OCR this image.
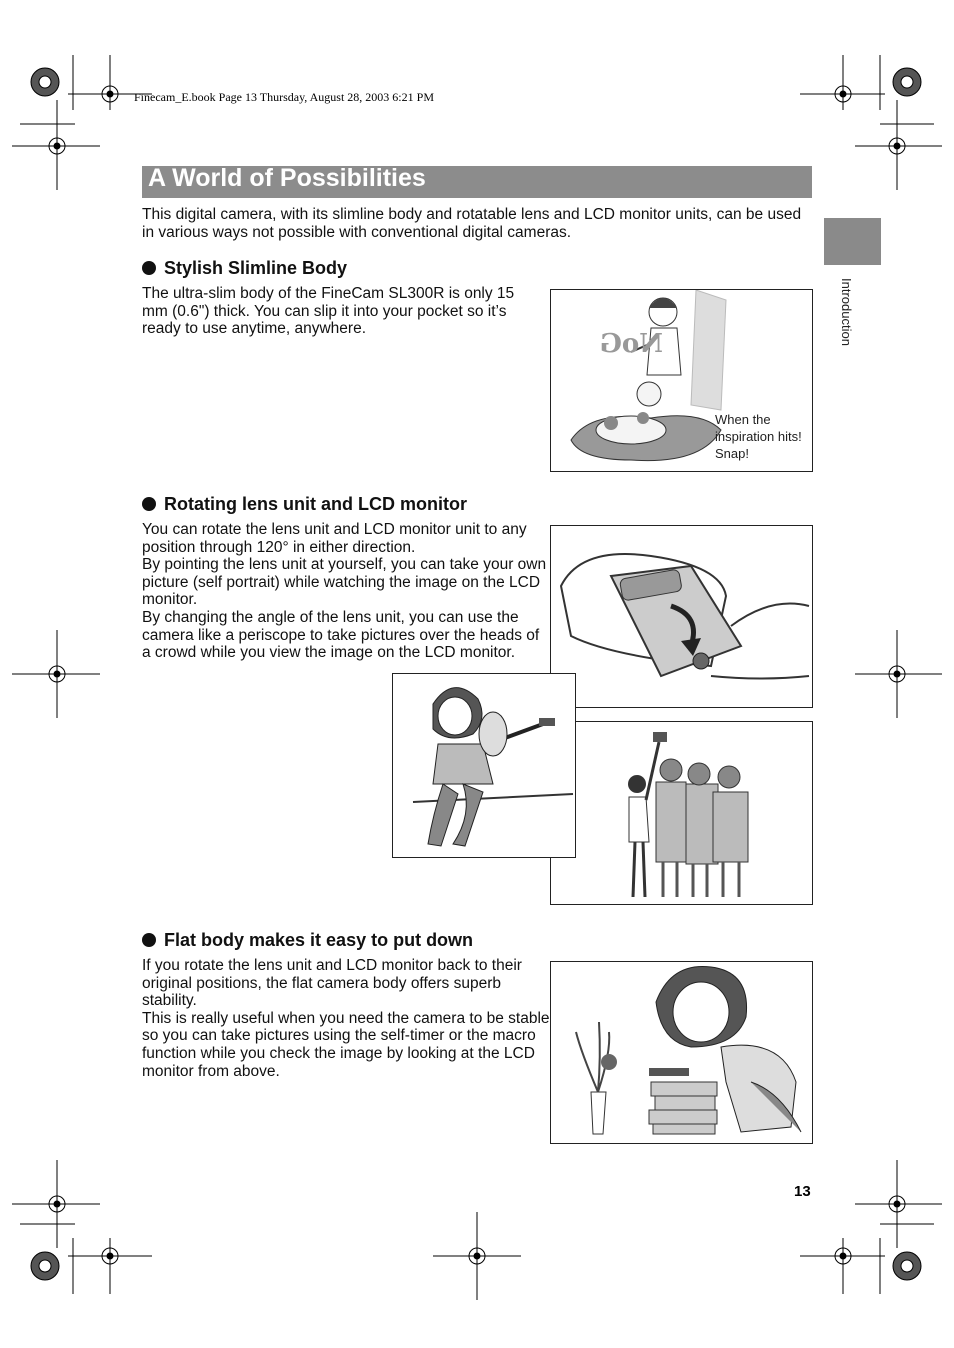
Finecam_E.book Page 13 Thursday, August 28, 2003 6:21 PM
A World of Possibilities
Introduction
This digital camera, with its slimline body and rotatable lens and LCD monitor units, can be used in various ways not possible with conventional digital cameras.
Stylish Slimline Body
The ultra-slim body of the FineCam SL300R is only 15 mm (0.6") thick. You can slip it into your pocket so it’s ready to use anytime, anywhere.
NoG
When the inspiration hits! Snap!
Rotating lens unit and LCD monitor
You can rotate the lens unit and LCD monitor unit to any position through 120° in either direction.
By pointing the lens unit at yourself, you can take your own picture (self portrait) while watching the image on the LCD monitor.
By changing the angle of the lens unit, you can use the camera like a periscope to take pictures over the heads of a crowd while you view the image on the LCD monitor.
Flat body makes it easy to put down
If you rotate the lens unit and LCD monitor back to their original positions, the flat camera body offers superb stability.
This is really useful when you need the camera to be stable so you can take pictures using the self-timer or the macro function while you check the image by looking at the LCD monitor from above.
13
